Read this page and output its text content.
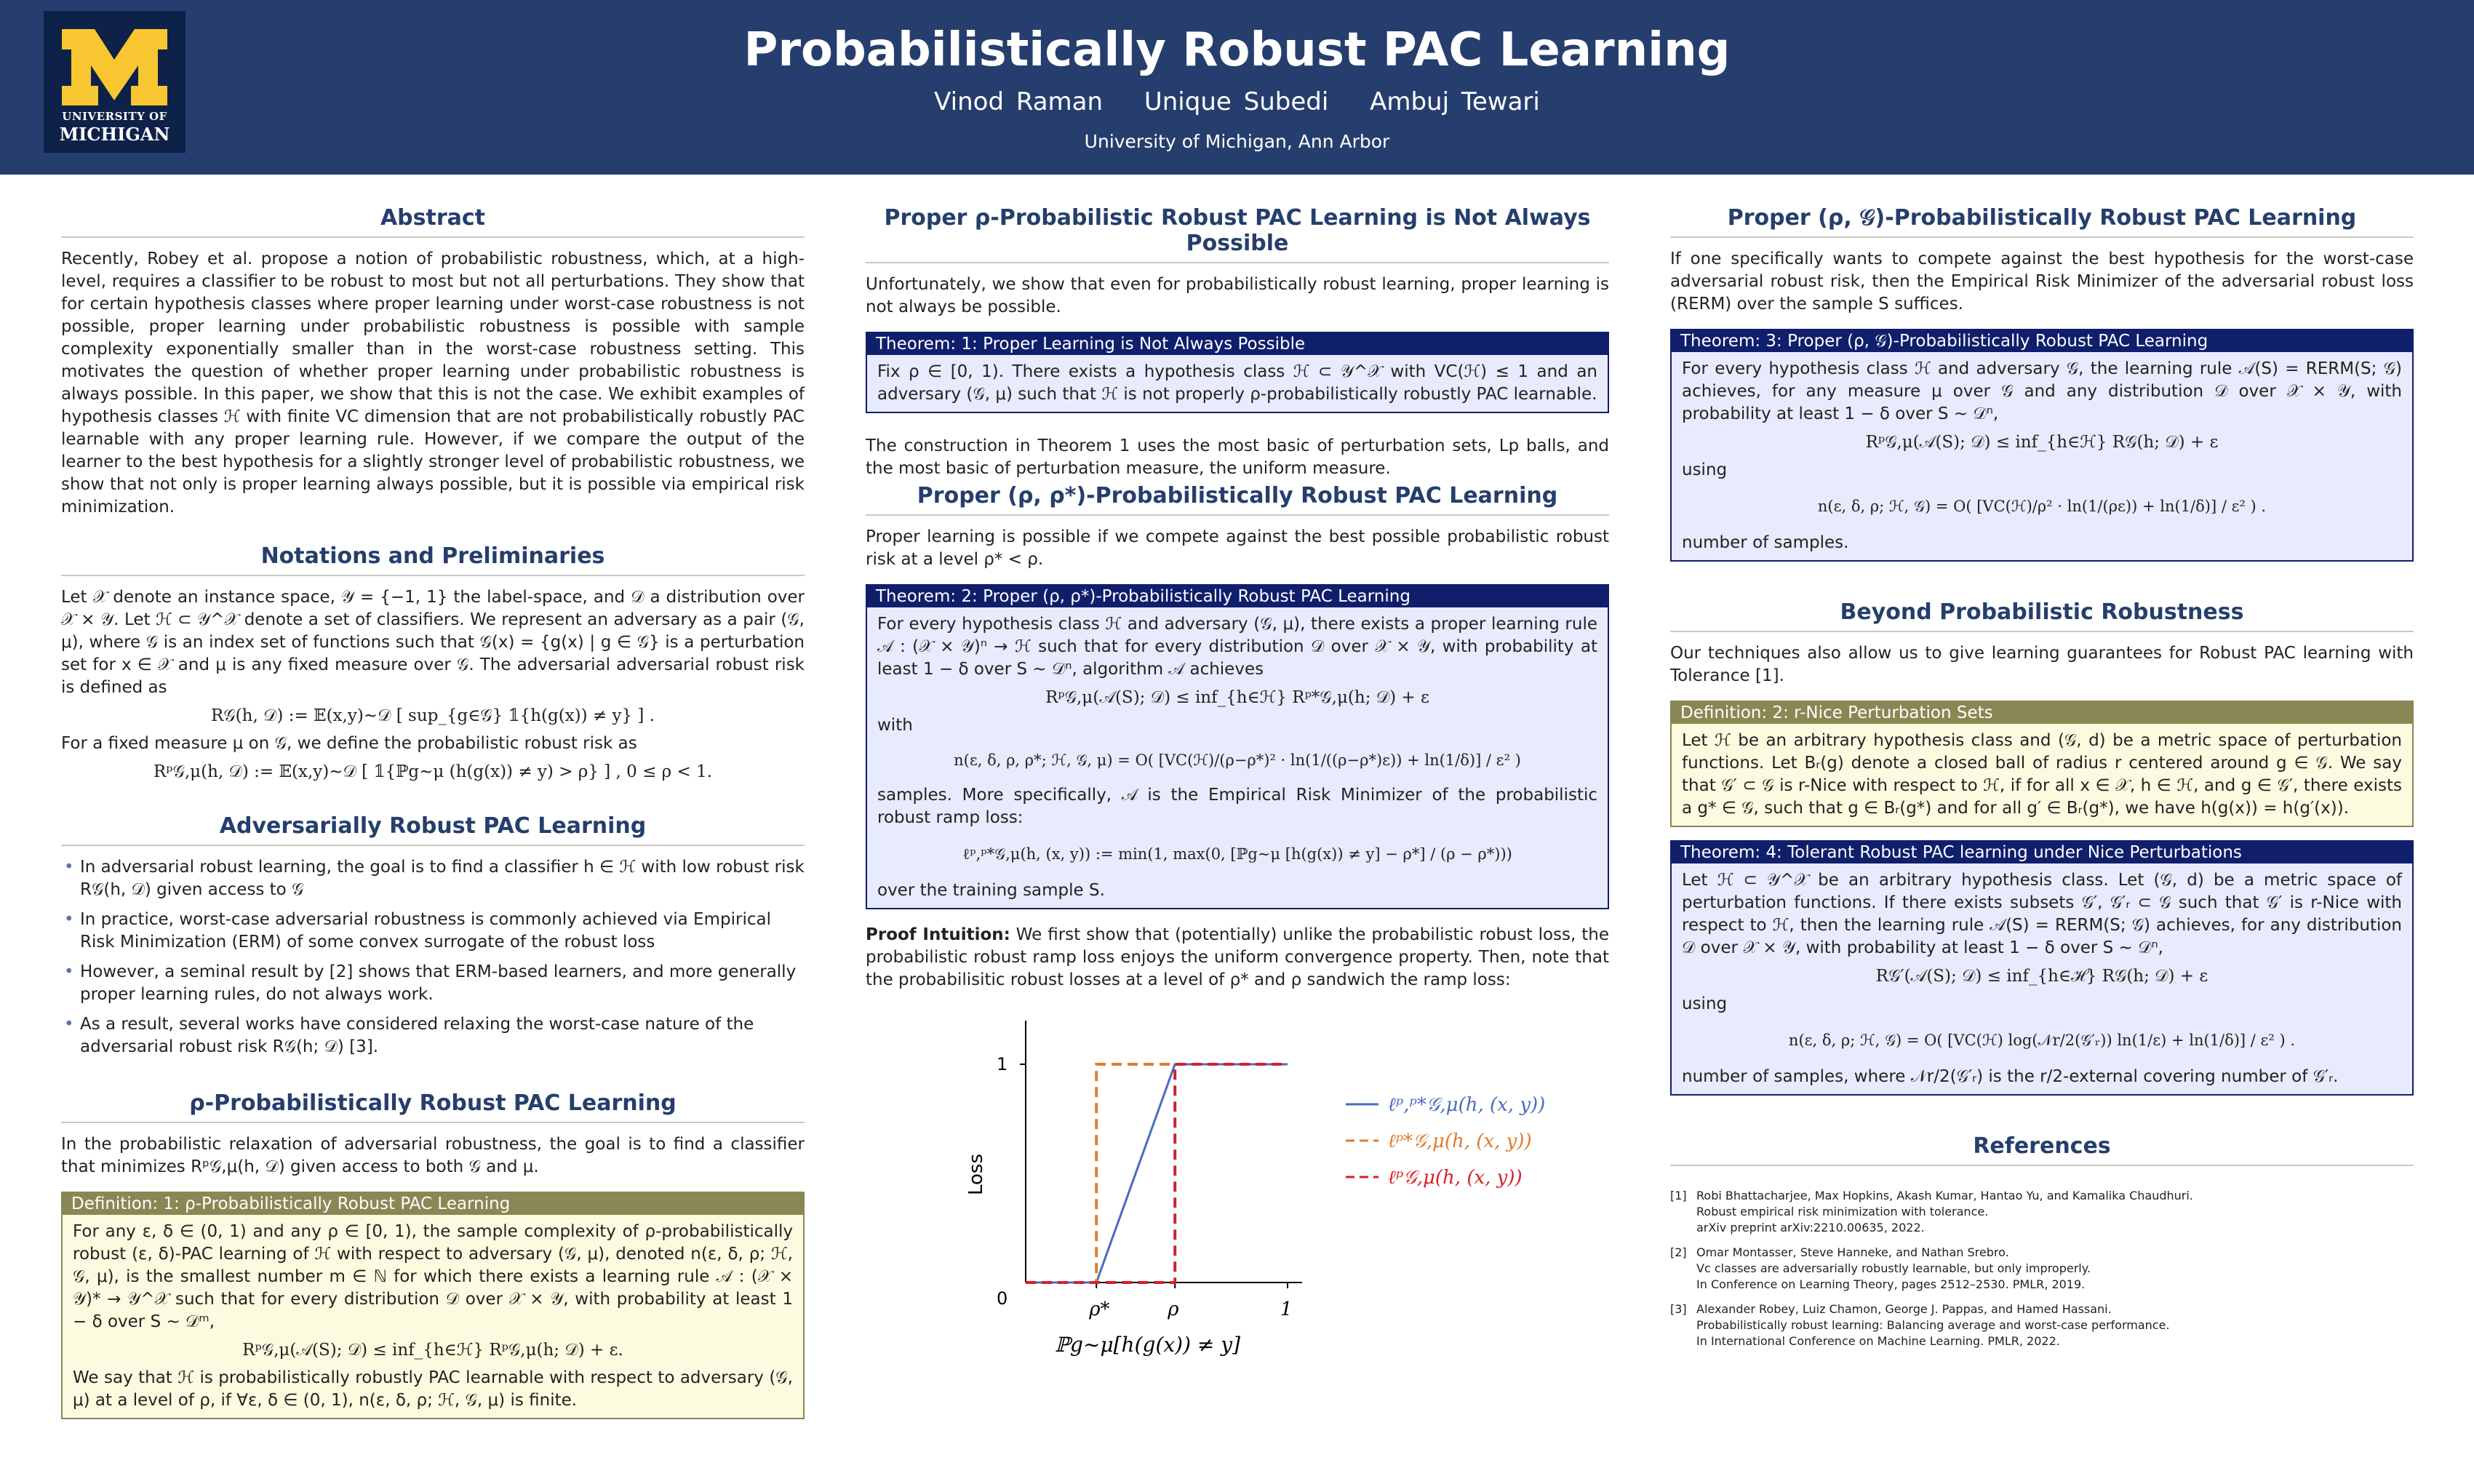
UNIVERSITY OF
MICHIGAN
Probabilistically Robust PAC Learning
Vinod Raman Unique Subedi Ambuj Tewari
University of Michigan, Ann Arbor
Abstract

Recently, Robey et al. propose a notion of probabilistic robustness, which, at a high-level, requires a classifier to be robust to most but not all perturbations. They show that for certain hypothesis classes where proper learning under worst-case robustness is not possible, proper learning under probabilistic robustness is possible with sample complexity exponentially smaller than in the worst-case robustness setting. This motivates the question of whether proper learning under probabilistic robustness is always possible. In this paper, we show that this is not the case. We exhibit examples of hypothesis classes ℋ with finite VC dimension that are not probabilistically robustly PAC learnable with any proper learning rule. However, if we compare the output of the learner to the best hypothesis for a slightly stronger level of probabilistic robustness, we show that not only is proper learning always possible, but it is possible via empirical risk minimization.

Notations and Preliminaries

Let 𝒳 denote an instance space, 𝒴 = {−1, 1} the label-space, and 𝒟 a distribution over 𝒳 × 𝒴. Let ℋ ⊂ 𝒴^𝒳 denote a set of classifiers. We represent an adversary as a pair (𝒢, μ), where 𝒢 is an index set of functions such that 𝒢(x) = {g(x) | g ∈ 𝒢} is a perturbation set for x ∈ 𝒳 and μ is any fixed measure over 𝒢. The adversarial adversarial robust risk is defined as

R𝒢(h, 𝒟) := 𝔼(x,y)∼𝒟 [ sup_{g∈𝒢} 𝟙{h(g(x)) ≠ y} ] .

For a fixed measure μ on 𝒢, we define the probabilistic robust risk as

Rᵖ𝒢,μ(h, 𝒟) := 𝔼(x,y)∼𝒟 [ 𝟙{ℙg∼μ (h(g(x)) ≠ y) > ρ} ] , 0 ≤ ρ < 1.
Adversarially Robust PAC Learning
• In adversarial robust learning, the goal is to find a classifier h ∈ ℋ with low robust risk R𝒢(h, 𝒟) given access to 𝒢
• In practice, worst-case adversarial robustness is commonly achieved via Empirical Risk Minimization (ERM) of some convex surrogate of the robust loss
• However, a seminal result by [2] shows that ERM-based learners, and more generally proper learning rules, do not always work.
• As a result, several works have considered relaxing the worst-case nature of the adversarial robust risk R𝒢(h; 𝒟) [3].
ρ-Probabilistically Robust PAC Learning

In the probabilistic relaxation of adversarial robustness, the goal is to find a classifier that minimizes Rᵖ𝒢,μ(h, 𝒟) given access to both 𝒢 and μ.

Definition: 1: ρ-Probabilistically Robust PAC Learning

For any ε, δ ∈ (0, 1) and any ρ ∈ [0, 1), the sample complexity of ρ-probabilistically robust (ε, δ)-PAC learning of ℋ with respect to adversary (𝒢, μ), denoted n(ε, δ, ρ; ℋ, 𝒢, μ), is the smallest number m ∈ ℕ for which there exists a learning rule 𝒜 : (𝒳 × 𝒴)* → 𝒴^𝒳 such that for every distribution 𝒟 over 𝒳 × 𝒴, with probability at least 1 − δ over S ∼ 𝒟ᵐ,

Rᵖ𝒢,μ(𝒜(S); 𝒟) ≤ inf_{h∈ℋ} Rᵖ𝒢,μ(h; 𝒟) + ε.

We say that ℋ is probabilistically robustly PAC learnable with respect to adversary (𝒢, μ) at a level of ρ, if ∀ε, δ ∈ (0, 1), n(ε, δ, ρ; ℋ, 𝒢, μ) is finite.

Proper ρ-Probabilistic Robust PAC Learning is Not Always Possible

Unfortunately, we show that even for probabilistically robust learning, proper learning is not always be possible.

Theorem: 1: Proper Learning is Not Always Possible

Fix ρ ∈ [0, 1). There exists a hypothesis class ℋ ⊂ 𝒴^𝒳 with VC(ℋ) ≤ 1 and an adversary (𝒢, μ) such that ℋ is not properly ρ-probabilistically robustly PAC learnable.

The construction in Theorem 1 uses the most basic of perturbation sets, Lp balls, and the most basic of perturbation measure, the uniform measure.

Proper (ρ, ρ*)-Probabilistically Robust PAC Learning

Proper learning is possible if we compete against the best possible probabilistic robust risk at a level ρ* < ρ.

Theorem: 2: Proper (ρ, ρ*)-Probabilistically Robust PAC Learning

For every hypothesis class ℋ and adversary (𝒢, μ), there exists a proper learning rule 𝒜 : (𝒳 × 𝒴)ⁿ → ℋ such that for every distribution 𝒟 over 𝒳 × 𝒴, with probability at least 1 − δ over S ∼ 𝒟ⁿ, algorithm 𝒜 achieves

Rᵖ𝒢,μ(𝒜(S); 𝒟) ≤ inf_{h∈ℋ} Rᵖ*𝒢,μ(h; 𝒟) + ε

with

n(ε, δ, ρ, ρ*; ℋ, 𝒢, μ) = O( [VC(ℋ)/(ρ−ρ*)² · ln(1/((ρ−ρ*)ε)) + ln(1/δ)] / ε² )

samples. More specifically, 𝒜 is the Empirical Risk Minimizer of the probabilistic robust ramp loss:

ℓᵖ,ᵖ*𝒢,μ(h, (x, y)) := min(1, max(0, [ℙg∼μ [h(g(x)) ≠ y] − ρ*] / (ρ − ρ*)))

over the training sample S.

Proof Intuition: We first show that (potentially) unlike the probabilistic robust loss, the probabilistic robust ramp loss enjoys the uniform convergence property. Then, note that the probabilisitic robust losses at a level of ρ* and ρ sandwich the ramp loss:

0
1
ρ*	ρ	1
Loss
ℙg∼μ[h(g(x)) ≠ y]
ℓᵖ,ᵖ*𝒢,μ(h, (x, y))
ℓᵖ*𝒢,μ(h, (x, y))
ℓᵖ𝒢,μ(h, (x, y))
Proper (ρ, 𝒢)-Probabilistically Robust PAC Learning

If one specifically wants to compete against the best hypothesis for the worst-case adversarial robust risk, then the Empirical Risk Minimizer of the adversarial robust loss (RERM) over the sample S suffices.

Theorem: 3: Proper (ρ, 𝒢)-Probabilistically Robust PAC Learning

For every hypothesis class ℋ and adversary 𝒢, the learning rule 𝒜(S) = RERM(S; 𝒢) achieves, for any measure μ over 𝒢 and any distribution 𝒟 over 𝒳 × 𝒴, with probability at least 1 − δ over S ∼ 𝒟ⁿ,

Rᵖ𝒢,μ(𝒜(S); 𝒟) ≤ inf_{h∈ℋ} R𝒢(h; 𝒟) + ε

using

n(ε, δ, ρ; ℋ, 𝒢) = O( [VC(ℋ)/ρ² · ln(1/(ρε)) + ln(1/δ)] / ε² ) .

number of samples.

Beyond Probabilistic Robustness

Our techniques also allow us to give learning guarantees for Robust PAC learning with Tolerance [1].

Definition: 2: r-Nice Perturbation Sets

Let ℋ be an arbitrary hypothesis class and (𝒢, d) be a metric space of perturbation functions. Let Bᵣ(g) denote a closed ball of radius r centered around g ∈ 𝒢. We say that 𝒢′ ⊂ 𝒢 is r-Nice with respect to ℋ, if for all x ∈ 𝒳, h ∈ ℋ, and g ∈ 𝒢′, there exists a g* ∈ 𝒢, such that g ∈ Bᵣ(g*) and for all g′ ∈ Bᵣ(g*), we have h(g(x)) = h(g′(x)).

Theorem: 4: Tolerant Robust PAC learning under Nice Perturbations

Let ℋ ⊂ 𝒴^𝒳 be an arbitrary hypothesis class. Let (𝒢, d) be a metric space of perturbation functions. If there exists subsets 𝒢′, 𝒢′ᵣ ⊂ 𝒢 such that 𝒢′ is r-Nice with respect to ℋ, then the learning rule 𝒜(S) = RERM(S; 𝒢) achieves, for any distribution 𝒟 over 𝒳 × 𝒴, with probability at least 1 − δ over S ∼ 𝒟ⁿ,

R𝒢′(𝒜(S); 𝒟) ≤ inf_{h∈ℋ} R𝒢(h; 𝒟) + ε

using

n(ε, δ, ρ; ℋ, 𝒢) = O( [VC(ℋ) log(𝒩r/2(𝒢′ᵣ)) ln(1/ε) + ln(1/δ)] / ε² ) .

number of samples, where 𝒩r/2(𝒢′ᵣ) is the r/2-external covering number of 𝒢′ᵣ.

References
[1] Robi Bhattacharjee, Max Hopkins, Akash Kumar, Hantao Yu, and Kamalika Chaudhuri.
Robust empirical risk minimization with tolerance.
arXiv preprint arXiv:2210.00635, 2022.
[2] Omar Montasser, Steve Hanneke, and Nathan Srebro.
Vc classes are adversarially robustly learnable, but only improperly.
In Conference on Learning Theory, pages 2512–2530. PMLR, 2019.
[3] Alexander Robey, Luiz Chamon, George J. Pappas, and Hamed Hassani.
Probabilistically robust learning: Balancing average and worst-case performance.
In International Conference on Machine Learning. PMLR, 2022.
